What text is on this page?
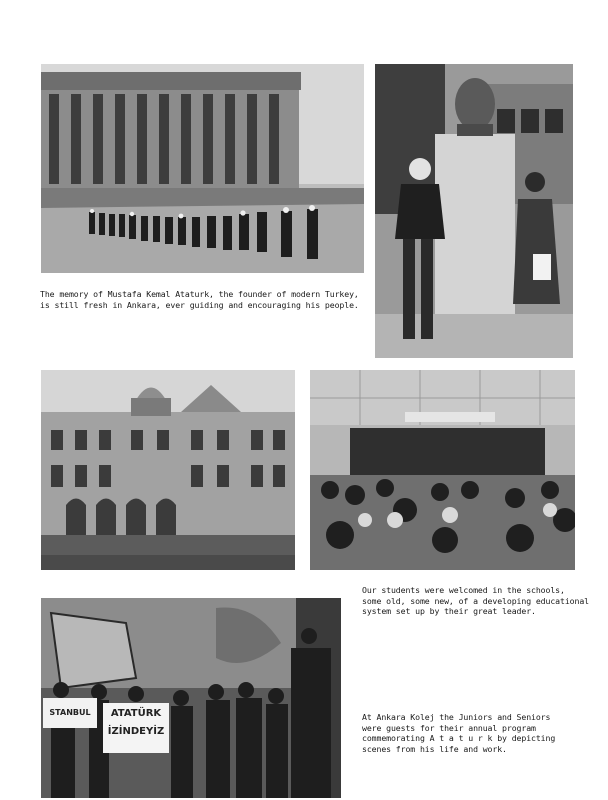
The memory of Mustafa Kemal Ataturk, the founder of modern Turkey,
is still fresh in Ankara, ever guiding and encouraging his people.
Our students were welcomed in the schools,
some old, some new, of a developing educational
system set up by their great leader.
STANBUL	ATATÜRK
İZİNDEYİZ
At Ankara Kolej the Juniors and Seniors
were guests for their annual program
commemorating A t a t u r k by depicting
scenes from his life and work.
